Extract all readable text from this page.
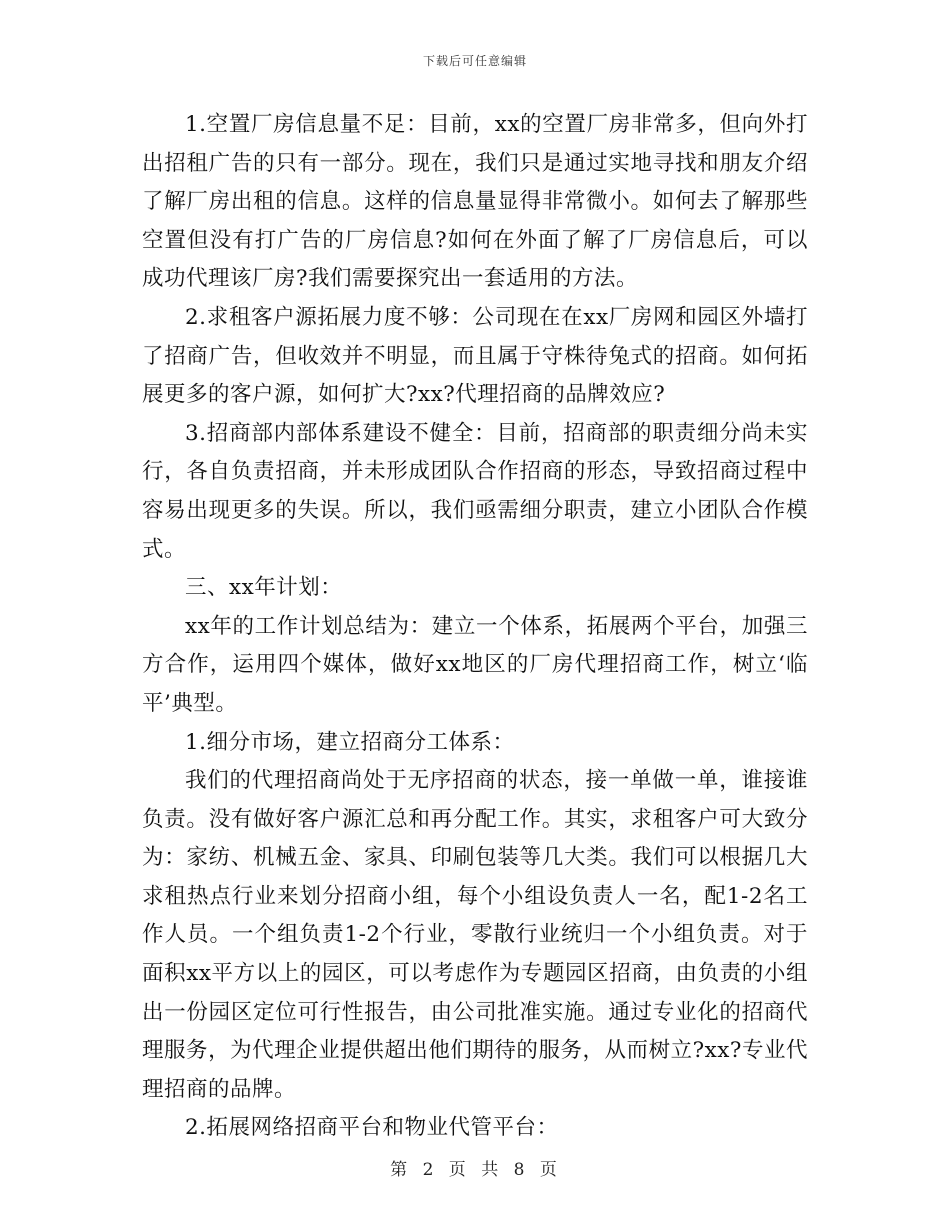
下载后可任意编辑

1.空置厂房信息量不足：目前，xx的空置厂房非常多，但向外打出招租广告的只有一部分。现在，我们只是通过实地寻找和朋友介绍了解厂房出租的信息。这样的信息量显得非常微小。如何去了解那些空置但没有打广告的厂房信息?如何在外面了解了厂房信息后，可以成功代理该厂房?我们需要探究出一套适用的方法。

2.求租客户源拓展力度不够：公司现在在xx厂房网和园区外墙打了招商广告，但收效并不明显，而且属于守株待兔式的招商。如何拓展更多的客户源，如何扩大?xx?代理招商的品牌效应?

3.招商部内部体系建设不健全：目前，招商部的职责细分尚未实行，各自负责招商，并未形成团队合作招商的形态，导致招商过程中容易出现更多的失误。所以，我们亟需细分职责，建立小团队合作模式。

三、xx年计划：

xx年的工作计划总结为：建立一个体系，拓展两个平台，加强三方合作，运用四个媒体，做好xx地区的厂房代理招商工作，树立‘临平’典型。

1.细分市场，建立招商分工体系：

我们的代理招商尚处于无序招商的状态，接一单做一单，谁接谁负责。没有做好客户源汇总和再分配工作。其实，求租客户可大致分为：家纺、机械五金、家具、印刷包装等几大类。我们可以根据几大求租热点行业来划分招商小组，每个小组设负责人一名，配1-2名工作人员。一个组负责1-2个行业，零散行业统归一个小组负责。对于面积xx平方以上的园区，可以考虑作为专题园区招商，由负责的小组出一份园区定位可行性报告，由公司批准实施。通过专业化的招商代理服务，为代理企业提供超出他们期待的服务，从而树立?xx?专业代理招商的品牌。

2.拓展网络招商平台和物业代管平台：

第 2 页 共 8 页
